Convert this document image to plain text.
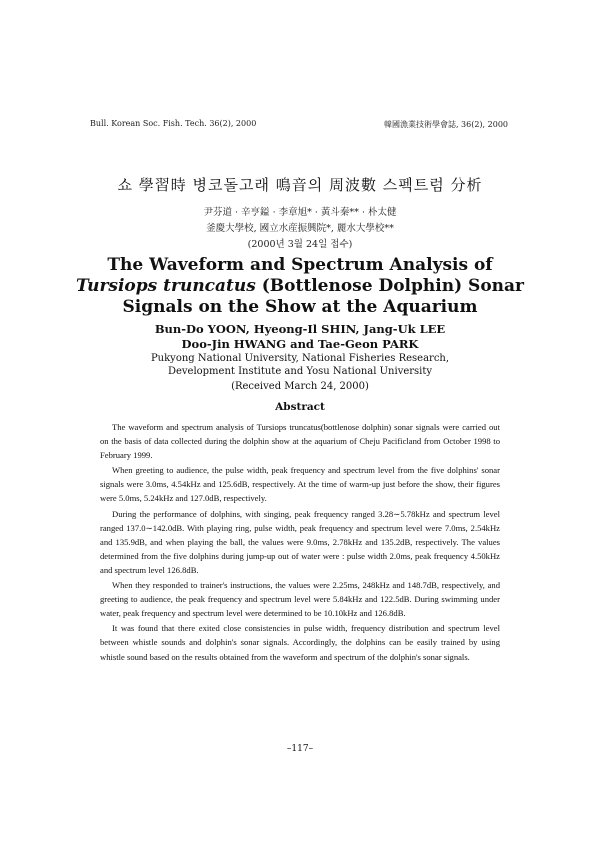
Bull. Korean Soc. Fish. Tech. 36(2), 2000	韓國漁業技術學會誌, 36(2), 2000
쇼 學習時 병코돌고래 鳴音의 周波數 스펙트럼 分析
尹芬道 · 辛亨鎰 · 李章旭* · 黃斗秦** · 朴太健
釜慶大學校, 國立水産振興院*, 麗水大學校**
(2000년 3월 24일 접수)
The Waveform and Spectrum Analysis of Tursiops truncatus (Bottlenose Dolphin) Sonar Signals on the Show at the Aquarium
Bun-Do YOON, Hyeong-Il SHIN, Jang-Uk LEE
Doo-Jin HWANG and Tae-Geon PARK
Pukyong National University, National Fisheries Research,
Development Institute and Yosu National University
(Received March 24, 2000)
Abstract

The waveform and spectrum analysis of Tursiops truncatus(bottlenose dolphin) sonar signals were carried out on the basis of data collected during the dolphin show at the aquarium of Cheju Pacificland from October 1998 to February 1999.

When greeting to audience, the pulse width, peak frequency and spectrum level from the five dolphins' sonar signals were 3.0ms, 4.54kHz and 125.6dB, respectively. At the time of warm-up just before the show, their figures were 5.0ms, 5.24kHz and 127.0dB, respectively.

During the performance of dolphins, with singing, peak frequency ranged 3.28∼5.78kHz and spectrum level ranged 137.0∼142.0dB. With playing ring, pulse width, peak frequency and spectrum level were 7.0ms, 2.54kHz and 135.9dB, and when playing the ball, the values were 9.0ms, 2.78kHz and 135.2dB, respectively. The values determined from the five dolphins during jump-up out of water were : pulse width 2.0ms, peak frequency 4.50kHz and spectrum level 126.8dB.

When they responded to trainer's instructions, the values were 2.25ms, 248kHz and 148.7dB, respectively, and greeting to audience, the peak frequency and spectrum level were 5.84kHz and 122.5dB. During swimming under water, peak frequency and spectrum level were determined to be 10.10kHz and 126.8dB.

It was found that there exited close consistencies in pulse width, frequency distribution and spectrum level between whistle sounds and dolphin's sonar signals. Accordingly, the dolphins can be easily trained by using whistle sound based on the results obtained from the waveform and spectrum of the dolphin's sonar signals.

–117–
